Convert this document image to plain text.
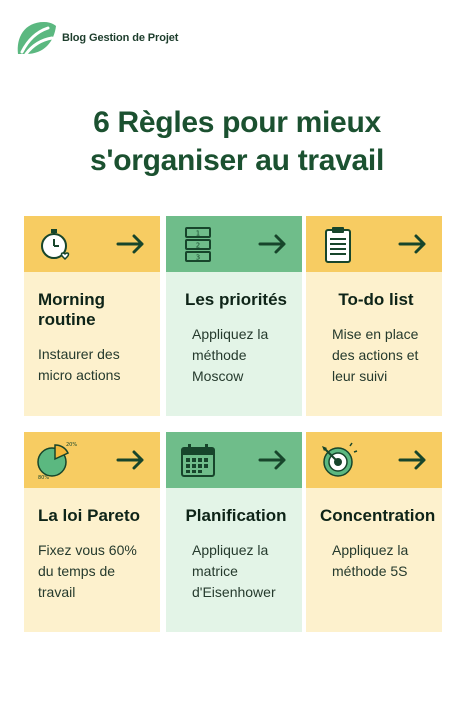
Blog Gestion de Projet
6 Règles pour mieux
s'organiser au travail
Morning
routine

Instaurer des
micro actions

1
2
3
Les priorités

Appliquez la
méthode
Moscow

To-do list

Mise en place
des actions et
leur suivi

20%
80%
La loi Pareto

Fixez vous 60%
du temps de
travail

Planification

Appliquez la
matrice
d'Eisenhower

Concentration

Appliquez la
méthode 5S
